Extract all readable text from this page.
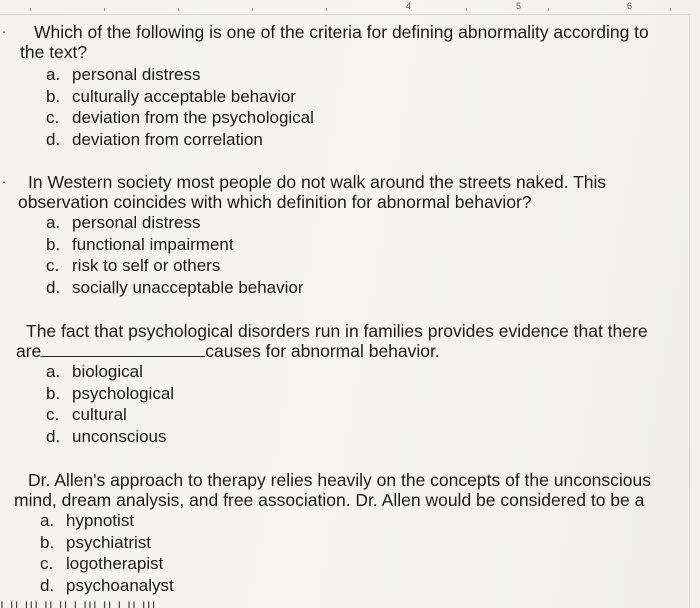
4	5	6
.	Which of the following is one of the criteria for defining abnormality according to
the text?
a. personal distress
b. culturally acceptable behavior
c. deviation from the psychological
d. deviation from correlation
.	In Western society most people do not walk around the streets naked. This
observation coincides with which definition for abnormal behavior?
a. personal distress
b. functional impairment
c. risk to self or others
d. socially unacceptable behavior
The fact that psychological disorders run in families provides evidence that there
are	causes for abnormal behavior.
a. biological
b. psychological
c. cultural
d. unconscious
Dr. Allen's approach to therapy relies heavily on the concepts of the unconscious
mind, dream analysis, and free association. Dr. Allen would be considered to be a
a. hypnotist
b. psychiatrist
c. logotherapist
d. psychoanalyst
ı ıı ııı ıı ıı ı ııı ıı ı ıı ııı
